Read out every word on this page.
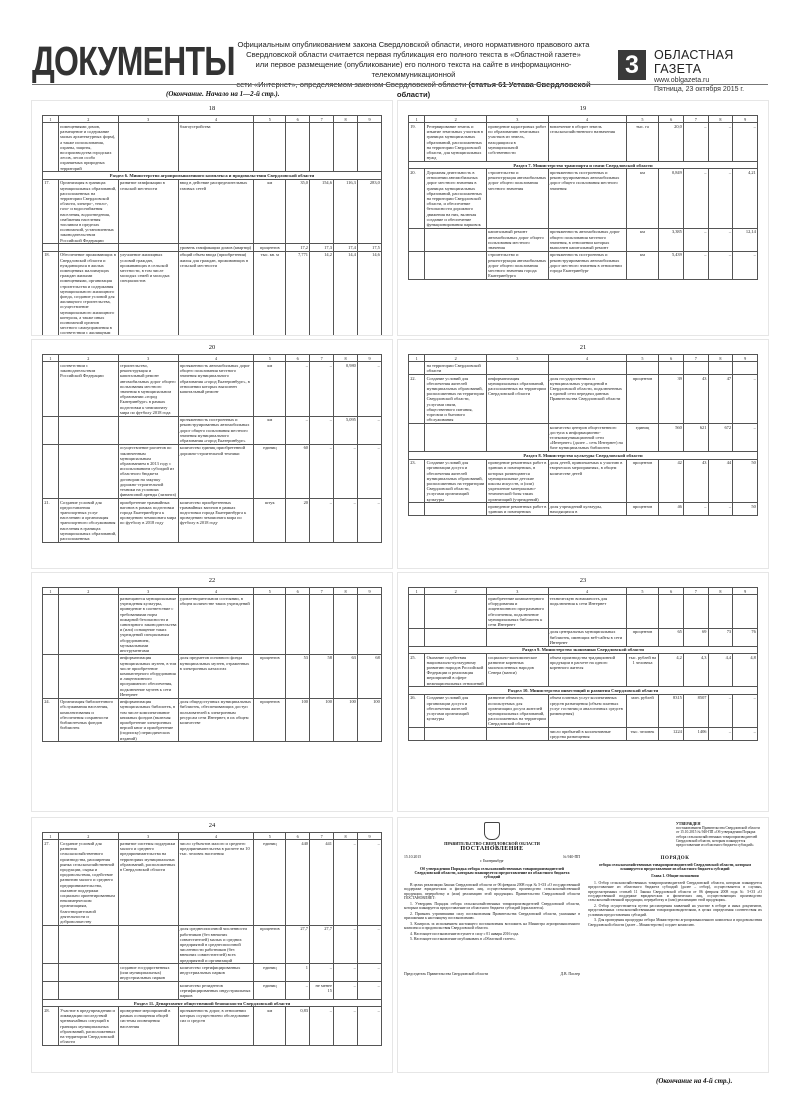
ДОКУМЕНТЫ Официальным опубликованием закона Свердловской области, иного нормативного правового акта
Свердловской области считается первая публикация его полного текста в «Областной газете»
или первое размещение (опубликование) его полного текста на сайте в информационно-телекоммуникационной
области)
3	ОБЛАСТНАЯ ГАЗЕТА
www.oblgazeta.ru
Пятница, 23 октября 2015 г.
(Окончание. Начало на 1—2-й стр.).
18
1	2	3	4	5	6	7	8	9
	помещениями домов, размещение и содержание малых архитектурных форм), а также использования, охраны, защиты, воспроизводства городских лесов, лесов особо охраняемых природных территорий		благоустройства					
Раздел 6. Министерство агропромышленного комплекса и продовольствия Свердловской области								
17.	Организация в границах муниципальных образований, расположенных на территории Свердловской области, электро-, тепло-, газо- и водоснабжения населения, водоотведения, снабжения населения топливом в пределах полномочий, установленных законодательством Российской Федерации	развитие газификации в сельской местности	ввод в действие распределительных газовых сетей	км	35,0	154,6	116,3	283,0
			уровень газификации домов (квартир)	процентов	17,2	17,3	17,4	17,5
18.	Обеспечение проживающих в Свердловской области и нуждающихся в жилых помещениях малоимущих граждан жилыми помещениями, организация строительства и содержания муниципального жилищного фонда, создание условий для жилищного строительства, осуществление муниципального жилищного контроля, а также иных полномочий органов местного самоуправления в соответствии с жилищным	улучшение жилищных условий граждан, проживающих в сельской местности, в том числе молодых семей и молодых специалистов	общий объем ввода (приобретения) жилья для граждан, проживающих в сельской местности	тыс. кв. м	7,771	14,2	14,4	14,6

19
1	2	3	4	5	6	7	8	9
19.	Резервирование земель и изъятие земельных участков в границах муниципальных образований, расположенных на территории Свердловской области, для муниципальных нужд	проведение кадастровых работ по образованию земельных участков из земель, находящихся в муниципальной собственности	вовлечение в оборот земель сельскохозяйственного назначения	тыс. га	20,0	–	–	–
Раздел 7. Министерство транспорта и связи Свердловской области								
20.	Дорожная деятельность в отношении автомобильных дорог местного значения в границах муниципальных образований, расположенных на территории Свердловской области, и обеспечение безопасности дорожного движения на них, включая создание и обеспечение функционирования парковок	строительство и реконструкция автомобильных дорог общего пользования местного значения	протяженность построенных и реконструированных автомобильных дорог общего пользования местного значения	км	0,849	–	–	4,21
		капитальный ремонт автомобильных дорог общего пользования местного значения	протяженность автомобильных дорог общего пользования местного значения, в отношении которых выполнен капитальный ремонт	км	3,385	–	–	12,14
		строительство и реконструкция автомобильных дорог общего пользования местного значения города Екатеринбурга	протяженность построенных и реконструированных автомобильных дорог местного значения в отношении города Екатеринбург	км	5,439	–	–	–
20
1	2	3	4	5	6	7	8	9
	соответствии с законодательством Российской Федерации	строительство, реконструкция и капитальный ремонт автомобильных дорог общего пользования местного значения в муниципальном образовании «город Екатеринбург» в рамках подготовки к чемпионату мира по футболу 2018 года	протяженность автомобильных дорог общего пользования местного значения муниципального образования «город Екатеринбург», в отношении которых выполнен капитальный ремонт	км	–	–	0,980	–
			протяженность построенных и реконструированных автомобильных дорог общего пользования местного значения муниципального образования «город Екатеринбург»	км	–	–	5,095	–
		осуществление расчетов по заключенным муниципальным образованием в 2013 году с использованием субсидий из областного бюджета договорам на закупку дорожно-строительной техники на условиях финансовой аренды (лизинга)	количество единиц приобретенной дорожно-строительной техники	единиц	60	–	–	–
21.	Создание условий для предоставления транспортных услуг населению и организация транспортного обслуживания населения в границах муниципальных образований, расположенных	приобретение трамвайных вагонов в рамках подготовки города Екатеринбурга к проведению чемпионата мира по футболу в 2018 году	количество приобретенных трамвайных вагонов в рамках подготовки города Екатеринбурга к проведению чемпионата мира по футболу в 2018 году	штук	20	–	–	–
21
1	2	3	4	5	6	7	8	9
	на территории Свердловской области							
22.	Создание условий для обеспечения жителей муниципальных образований, расположенных на территории Свердловской области, услугами связи, общественного питания, торговли и бытового обслуживания	информатизация муниципальных образований, расположенных на территории Свердловской области	доля государственных и муниципальных учреждений в Свердловской области, подключенных к единой сети передачи данных Правительства Свердловской области	процентов	39	43	47	–
			количество центров общественного доступа к информационно-телекоммуникационной сети «Интернет» (далее – сеть Интернет) на базе муниципальных библиотек	единиц	560	621	672	–
Раздел 8. Министерство культуры Свердловской области								
23.	Создание условий для организации досуга и обеспечения жителей муниципальных образований, расположенных на территории Свердловской области, услугами организаций культуры	проведение ремонтных работ в зданиях и помещениях, в которых размещаются муниципальные детские школы искусств, и (или) укрепление материально-технической базы таких организаций (учреждений)	доля детей, привлекаемых к участию в творческих мероприятиях, в общем количестве детей	процентов	42	43	44	50
		проведение ремонтных работ в зданиях и помещениях	доля учреждений культуры, находящихся в	процентов	46	–	–	50
22
1	2	3	4	5	6	7	8	9
		размещаются муниципальные учреждения культуры, приведение в соответствие с требованиями норм пожарной безопасности и санитарного законодательства и (или) оснащение таких учреждений специальным оборудованием, музыкальными инструментами	удовлетворительном состоянии, в общем количестве таких учреждений					
		информатизация муниципальных музеев, в том числе приобретение компьютерного оборудования и лицензионного программного обеспечения, подключение музеев к сети Интернет	доля предметов основного фонда муниципальных музеев, отраженных в электронных каталогах	процентов	53	58	63	68
24.	Организация библиотечного обслуживания населения, комплектования и обеспечения сохранности библиотечных фондов библиотек	информатизация муниципальных библиотек, в том числе комплектование книжных фондов (включая приобретение электронных версий книг и приобретение (подписку) периодических изданий)	доля общедоступных муниципальных библиотек, обеспечивающих доступ пользователей к электронным ресурсам сети Интернет, в их общем количестве	процентов	100	100	100	100
23
1	2	3	4	5	6	7	8	9
		приобретение компьютерного оборудования и лицензионного программного обеспечения, подключение муниципальных библиотек к сети Интернет	техническую возможность для подключения к сети Интернет					
			доля центральных муниципальных библиотек, имеющих веб-сайты в сети Интернет	процентов	65	69	73	76
Раздел 9. Министерство экономики Свердловской области								
25.	Оказание содействия национально-культурному развитию народов Российской Федерации и реализация мероприятий в сфере межнациональных отношений	социально-экономическое развитие коренных малочисленных народов Севера (манси)	объем производства традиционной продукции в расчете на одного коренного жителя	тыс. рублей на 1 человека	4,2	4,3	4,4	4,8
Раздел 10. Министерство инвестиций и развития Свердловской области								
26.	Создание условий для организации досуга и обеспечения жителей услугами организаций культуры	развитие объектов, используемых для организации досуга жителей муниципальных образований, расположенных на территории Свердловской области	объем платных услуг коллективных средств размещения (объем платных услуг гостиниц и аналогичных средств размещения)	млн. рублей	8315	8507	–	–
			число прибытий в коллективные средства размещения	тыс. человек	1224	1406	–	–
24
1	2	3	4	5	6	7	8	9
27.	Создание условий для развития сельскохозяйственного производства, расширения рынка сельскохозяйственной продукции, сырья и продовольствия, содействие развитию малого и среднего предпринимательства, оказание поддержки социально ориентированным некоммерческим организациям, благотворительной деятельности и добровольчеству	развитие системы поддержки малого и среднего предпринимательства на территориях муниципальных образований, расположенных в Свердловской области	число субъектов малого и среднего предпринимательства в расчете на 10 тыс. человек населения	единиц	440	441	–	–
			доля среднесписочной численности работников (без внешних совместителей) малых и средних предприятий в среднесписочной численности работников (без внешних совместителей) всех предприятий и организаций	процентов	27,7	27,7	–	–
		создание государственных (или муниципальных) индустриальных парков	количество сертифицированных индустриальных парков	единиц	1	–	–	–
			количество резидентов сертифицированных индустриальных парков	единиц	–	не менее 15	–	–
Раздел 11. Департамент общественной безопасности Свердловской области								
28.	Участие в предупреждении и ликвидации последствий чрезвычайных ситуаций в границах муниципальных образований, расположенных на территории Свердловской области	проведение мероприятий в рамках оснащения общей системы оповещения населения	протяженность дорог, в отношении которых осуществлено обследование сил и средств	км	0,83	–	–	–
ПРАВИТЕЛЬСТВО СВЕРДЛОВСКОЙ ОБЛАСТИ
ПОСТАНОВЛЕНИЕ
15.10.2015	№ 940-ПП
г. Екатеринбург
Об утверждении Порядка отбора сельскохозяйственных товаропроизводителей Свердловской области, которым планируется предоставление из областного бюджета субсидий

В целях реализации Закона Свердловской области от 06 февраля 2008 года № 5-ОЗ «О государственной поддержке юридических и физических лиц, осуществляющих производство сельскохозяйственной продукции, переработку и (или) реализацию этой продукции» Правительство Свердловской области ПОСТАНОВЛЯЕТ:

1. Утвердить Порядок отбора сельскохозяйственных товаропроизводителей Свердловской области, которым планируется предоставление из областного бюджета субсидий (прилагается).

2. Признать утратившими силу постановления Правительства Свердловской области, указанные в приложении к настоящему постановлению.

3. Контроль за исполнением настоящего постановления возложить на Министра агропромышленного комплекса и продовольствия Свердловской области.

4. Настоящее постановление вступает в силу с 01 января 2016 года.

5. Настоящее постановление опубликовать в «Областной газете».

Председатель Правительства Свердловской области	Д.В. Паслер
УТВЕРЖДЕН
постановлением Правительства Свердловской области от 15.10.2015 № 940-ПП «Об утверждении Порядка отбора сельскохозяйственных товаропроизводителей Свердловской области, которым планируется предоставление из областного бюджета субсидий»
ПОРЯДОК
отбора сельскохозяйственных товаропроизводителей Свердловской области, которым планируется предоставление из областного бюджета субсидий
Глава 1. Общие положения

1. Отбор сельскохозяйственных товаропроизводителей Свердловской области, которым планируется предоставление из областного бюджета субсидий (далее – отбор), осуществляется в случаях, предусмотренных статьей 11 Закона Свердловской области от 06 февраля 2008 года № 5-ОЗ «О государственной поддержке юридических и физических лиц, осуществляющих производство сельскохозяйственной продукции, переработку и (или) реализацию этой продукции».

2. Отбор осуществляется путем рассмотрения заявлений на участие в отборе и иных документов, представленных сельскохозяйственными товаропроизводителями, в целях определения соответствия их условиям предоставления субсидий.

3. Для проведения процедуры отбора Министерство агропромышленного комплекса и продовольствия Свердловской области (далее – Министерство) создает комиссию.

(Окончание на 4-й стр.).
